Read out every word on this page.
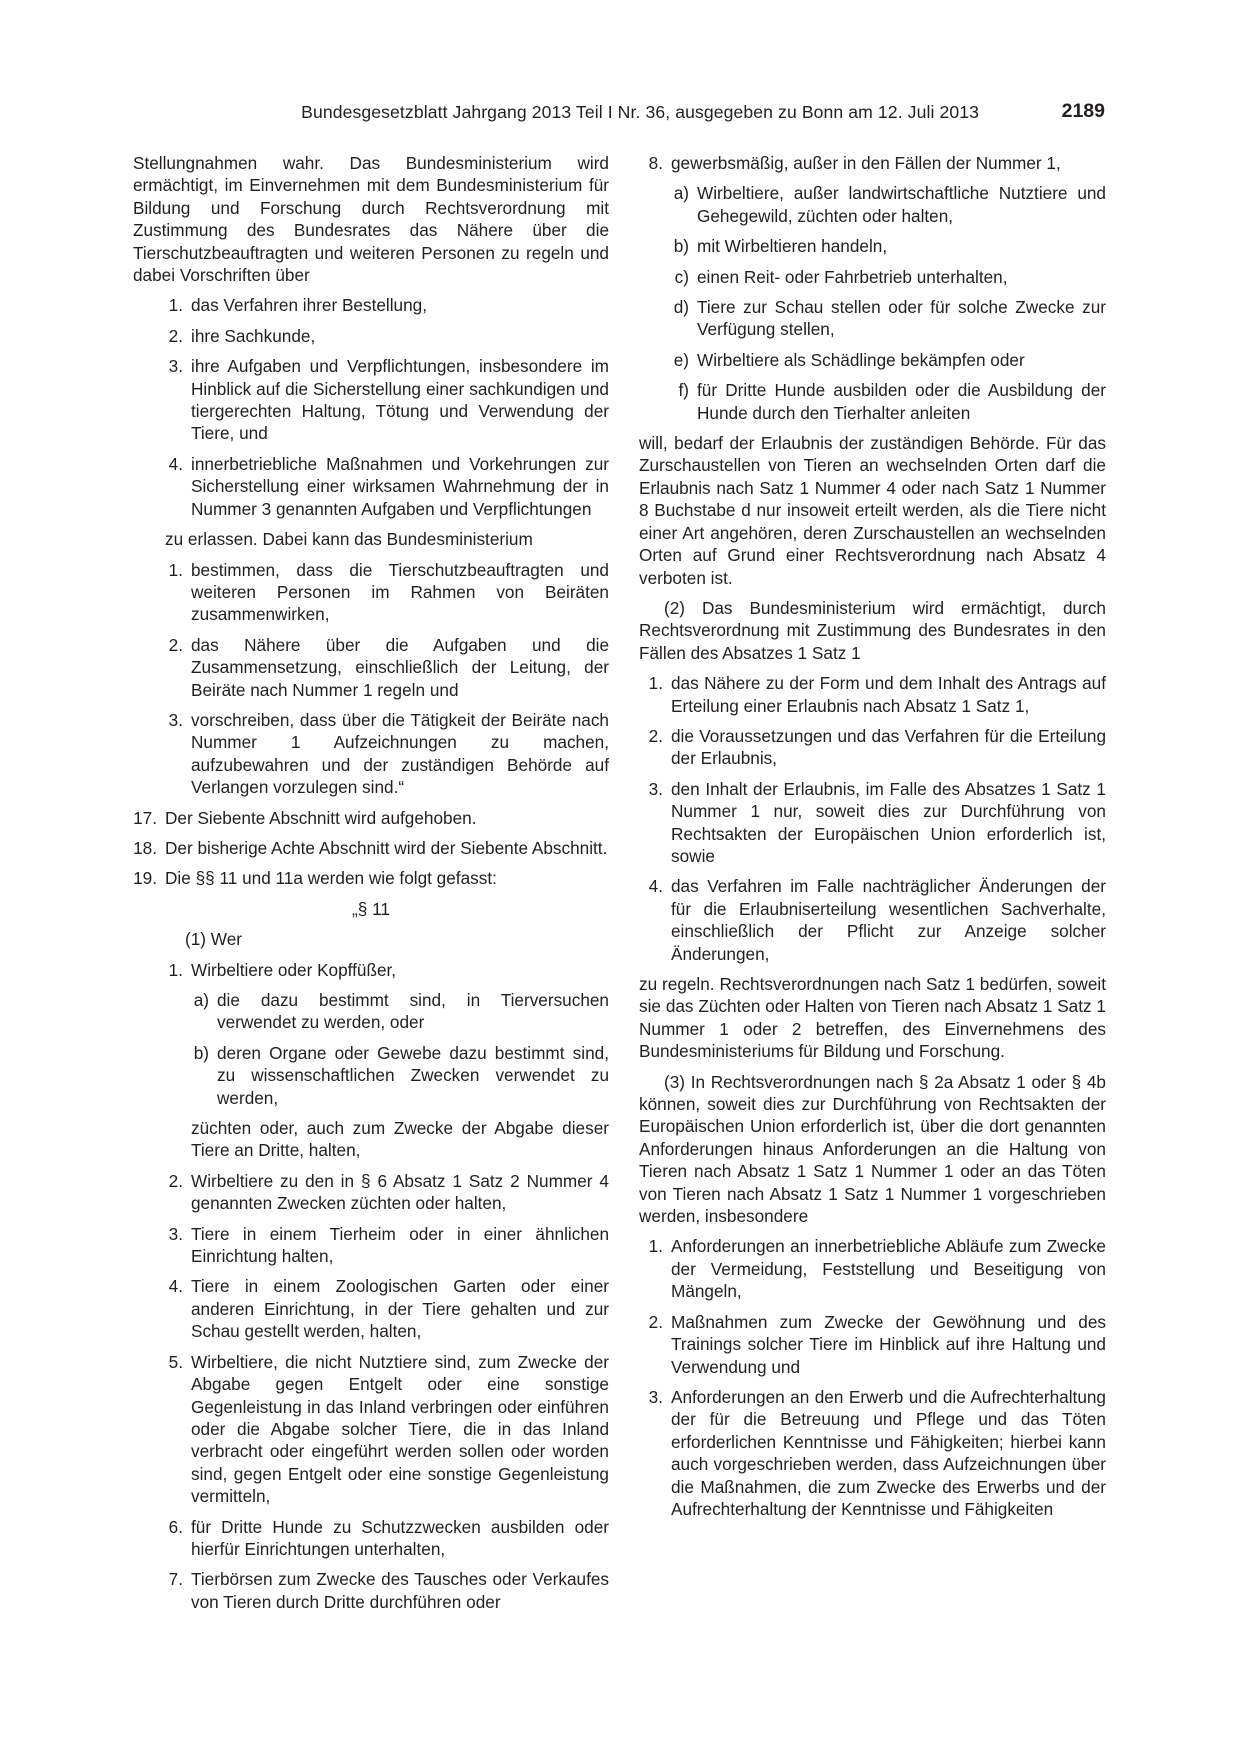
Bundesgesetzblatt Jahrgang 2013 Teil I Nr. 36, ausgegeben zu Bonn am 12. Juli 2013	2189

Stellungnahmen wahr. Das Bundesministerium wird ermächtigt, im Einvernehmen mit dem Bundesministerium für Bildung und Forschung durch Rechtsverordnung mit Zustimmung des Bundesrates das Nähere über die Tierschutzbeauftragten und weiteren Personen zu regeln und dabei Vorschriften über

1. das Verfahren ihrer Bestellung,
2. ihre Sachkunde,
3. ihre Aufgaben und Verpflichtungen, insbesondere im Hinblick auf die Sicherstellung einer sachkundigen und tiergerechten Haltung, Tötung und Verwendung der Tiere, und
4. innerbetriebliche Maßnahmen und Vorkehrungen zur Sicherstellung einer wirksamen Wahrnehmung der in Nummer 3 genannten Aufgaben und Verpflichtungen

zu erlassen. Dabei kann das Bundesministerium

1. bestimmen, dass die Tierschutzbeauftragten und weiteren Personen im Rahmen von Beiräten zusammenwirken,
2. das Nähere über die Aufgaben und die Zusammensetzung, einschließlich der Leitung, der Beiräte nach Nummer 1 regeln und
3. vorschreiben, dass über die Tätigkeit der Beiräte nach Nummer 1 Aufzeichnungen zu machen, aufzubewahren und der zuständigen Behörde auf Verlangen vorzulegen sind.“
17. Der Siebente Abschnitt wird aufgehoben.
18. Der bisherige Achte Abschnitt wird der Siebente Abschnitt.
19. Die §§ 11 und 11a werden wie folgt gefasst:
„§ 11
(1) Wer
1. Wirbeltiere oder Kopffüßer,
a) die dazu bestimmt sind, in Tierversuchen verwendet zu werden, oder
b) deren Organe oder Gewebe dazu bestimmt sind, zu wissenschaftlichen Zwecken verwendet zu werden,

züchten oder, auch zum Zwecke der Abgabe dieser Tiere an Dritte, halten,

2. Wirbeltiere zu den in § 6 Absatz 1 Satz 2 Nummer 4 genannten Zwecken züchten oder halten,
3. Tiere in einem Tierheim oder in einer ähnlichen Einrichtung halten,
4. Tiere in einem Zoologischen Garten oder einer anderen Einrichtung, in der Tiere gehalten und zur Schau gestellt werden, halten,
5. Wirbeltiere, die nicht Nutztiere sind, zum Zwecke der Abgabe gegen Entgelt oder eine sonstige Gegenleistung in das Inland verbringen oder einführen oder die Abgabe solcher Tiere, die in das Inland verbracht oder eingeführt werden sollen oder worden sind, gegen Entgelt oder eine sonstige Gegenleistung vermitteln,
6. für Dritte Hunde zu Schutzzwecken ausbilden oder hierfür Einrichtungen unterhalten,
7. Tierbörsen zum Zwecke des Tausches oder Verkaufes von Tieren durch Dritte durchführen oder
8. gewerbsmäßig, außer in den Fällen der Nummer 1,
a) Wirbeltiere, außer landwirtschaftliche Nutztiere und Gehegewild, züchten oder halten,
b) mit Wirbeltieren handeln,
c) einen Reit- oder Fahrbetrieb unterhalten,
d) Tiere zur Schau stellen oder für solche Zwecke zur Verfügung stellen,
e) Wirbeltiere als Schädlinge bekämpfen oder
f) für Dritte Hunde ausbilden oder die Ausbildung der Hunde durch den Tierhalter anleiten

will, bedarf der Erlaubnis der zuständigen Behörde. Für das Zurschaustellen von Tieren an wechselnden Orten darf die Erlaubnis nach Satz 1 Nummer 4 oder nach Satz 1 Nummer 8 Buchstabe d nur insoweit erteilt werden, als die Tiere nicht einer Art angehören, deren Zurschaustellen an wechselnden Orten auf Grund einer Rechtsverordnung nach Absatz 4 verboten ist.

(2) Das Bundesministerium wird ermächtigt, durch Rechtsverordnung mit Zustimmung des Bundesrates in den Fällen des Absatzes 1 Satz 1

1. das Nähere zu der Form und dem Inhalt des Antrags auf Erteilung einer Erlaubnis nach Absatz 1 Satz 1,
2. die Voraussetzungen und das Verfahren für die Erteilung der Erlaubnis,
3. den Inhalt der Erlaubnis, im Falle des Absatzes 1 Satz 1 Nummer 1 nur, soweit dies zur Durchführung von Rechtsakten der Europäischen Union erforderlich ist, sowie
4. das Verfahren im Falle nachträglicher Änderungen der für die Erlaubniserteilung wesentlichen Sachverhalte, einschließlich der Pflicht zur Anzeige solcher Änderungen,

zu regeln. Rechtsverordnungen nach Satz 1 bedürfen, soweit sie das Züchten oder Halten von Tieren nach Absatz 1 Satz 1 Nummer 1 oder 2 betreffen, des Einvernehmens des Bundesministeriums für Bildung und Forschung.

(3) In Rechtsverordnungen nach § 2a Absatz 1 oder § 4b können, soweit dies zur Durchführung von Rechtsakten der Europäischen Union erforderlich ist, über die dort genannten Anforderungen hinaus Anforderungen an die Haltung von Tieren nach Absatz 1 Satz 1 Nummer 1 oder an das Töten von Tieren nach Absatz 1 Satz 1 Nummer 1 vorgeschrieben werden, insbesondere

1. Anforderungen an innerbetriebliche Abläufe zum Zwecke der Vermeidung, Feststellung und Beseitigung von Mängeln,
2. Maßnahmen zum Zwecke der Gewöhnung und des Trainings solcher Tiere im Hinblick auf ihre Haltung und Verwendung und
3. Anforderungen an den Erwerb und die Aufrechterhaltung der für die Betreuung und Pflege und das Töten erforderlichen Kenntnisse und Fähigkeiten; hierbei kann auch vorgeschrieben werden, dass Aufzeichnungen über die Maßnahmen, die zum Zwecke des Erwerbs und der Aufrechterhaltung der Kenntnisse und Fähigkeiten
